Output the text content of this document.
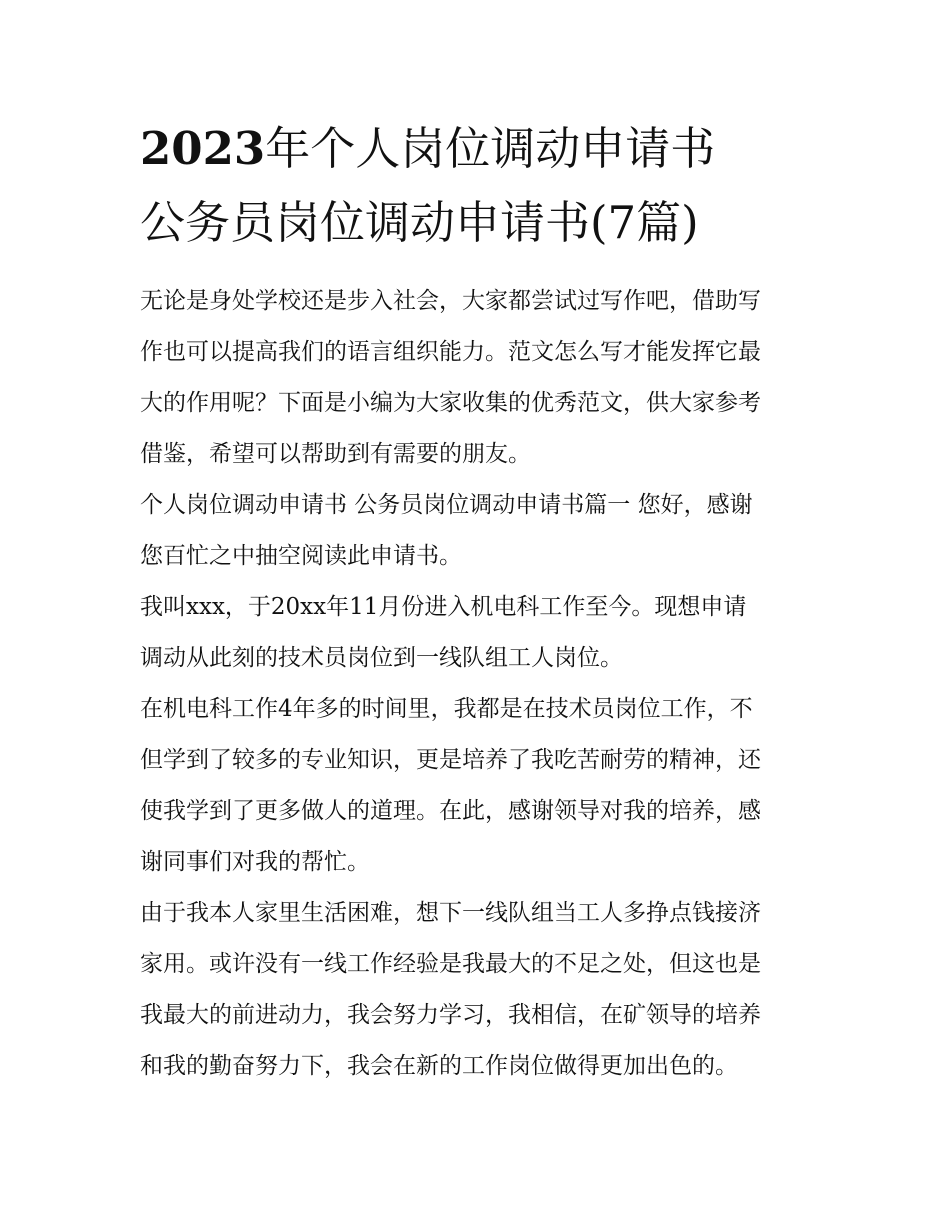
2023年个人岗位调动申请书
公务员岗位调动申请书(7篇)
无论是身处学校还是步入社会，大家都尝试过写作吧，借助写
作也可以提高我们的语言组织能力。范文怎么写才能发挥它最
大的作用呢？下面是小编为大家收集的优秀范文，供大家参考
借鉴，希望可以帮助到有需要的朋友。
个人岗位调动申请书 公务员岗位调动申请书篇一 您好，感谢
您百忙之中抽空阅读此申请书。
我叫xxx，于20xx年11月份进入机电科工作至今。现想申请
调动从此刻的技术员岗位到一线队组工人岗位。
在机电科工作4年多的时间里，我都是在技术员岗位工作，不
但学到了较多的专业知识，更是培养了我吃苦耐劳的精神，还
使我学到了更多做人的道理。在此，感谢领导对我的培养，感
谢同事们对我的帮忙。
由于我本人家里生活困难，想下一线队组当工人多挣点钱接济
家用。或许没有一线工作经验是我最大的不足之处，但这也是
我最大的前进动力，我会努力学习，我相信，在矿领导的培养
和我的勤奋努力下，我会在新的工作岗位做得更加出色的。
